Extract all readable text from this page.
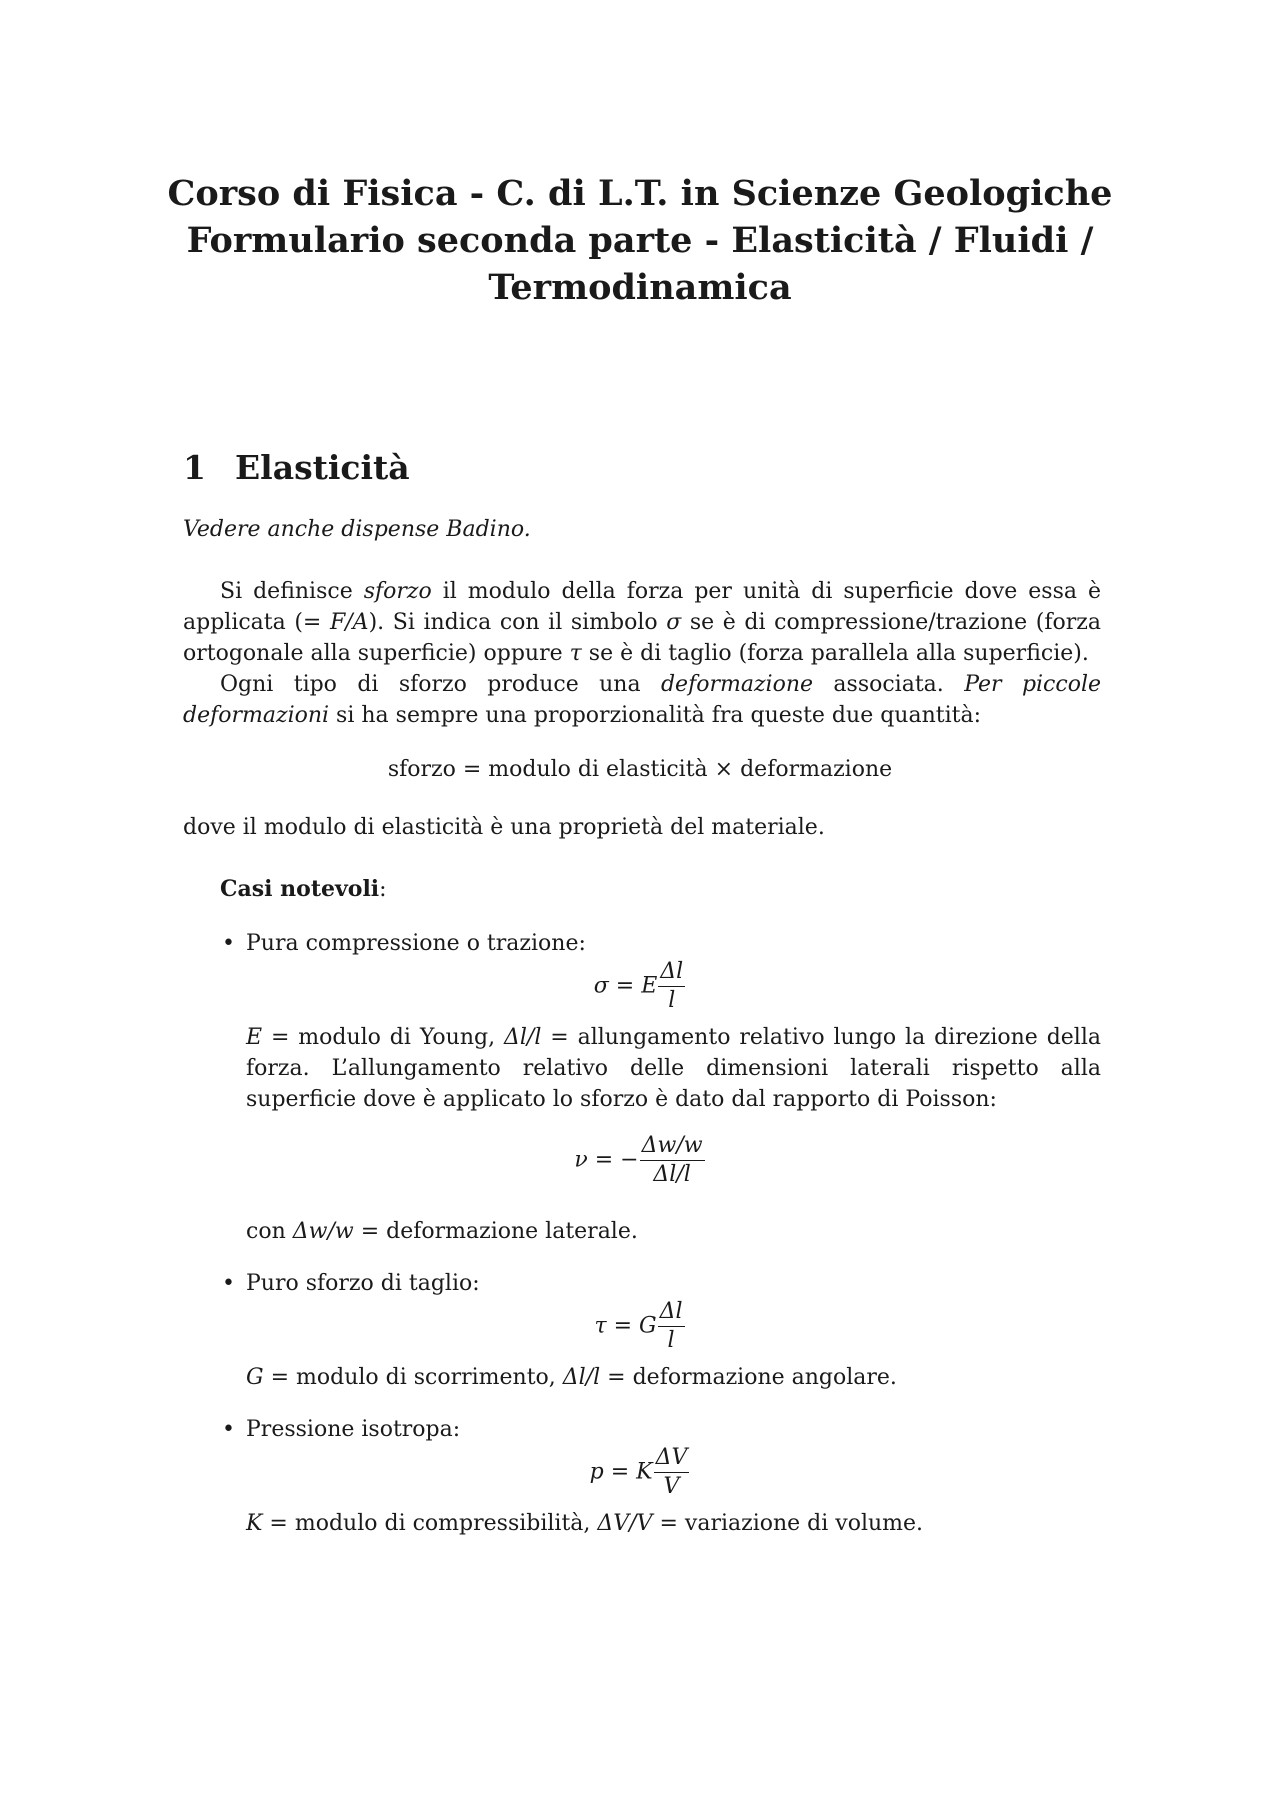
Corso di Fisica - C. di L.T. in Scienze Geologiche
Formulario seconda parte - Elasticità / Fluidi /
Termodinamica
1 Elasticità

Vedere anche dispense Badino.

Si definisce sforzo il modulo della forza per unità di superficie dove essa è applicata (= F/A). Si indica con il simbolo σ se è di compressione/trazione (forza ortogonale alla superficie) oppure τ se è di taglio (forza parallela alla superficie).

Ogni tipo di sforzo produce una deformazione associata. Per piccole deformazioni si ha sempre una proporzionalità fra queste due quantità:

sforzo = modulo di elasticità × deformazione

dove il modulo di elasticità è una proprietà del materiale.

Casi notevoli:
• Pura compressione o trazione:
σ = E $\frac{\Delta l}{l}$

E = modulo di Young, Δl/l = allungamento relativo lungo la direzione della forza. L’allungamento relativo delle dimensioni laterali rispetto alla superficie dove è applicato lo sforzo è dato dal rapporto di Poisson:

ν = − $\frac{\Delta w/w}{\Delta l/l}$

con Δw/w = deformazione laterale.

• Puro sforzo di taglio:
τ = G $\frac{\Delta l}{l}$

G = modulo di scorrimento, Δl/l = deformazione angolare.

• Pressione isotropa:
p = K $\frac{\Delta V}{V}$

K = modulo di compressibilità, ΔV/V = variazione di volume.
